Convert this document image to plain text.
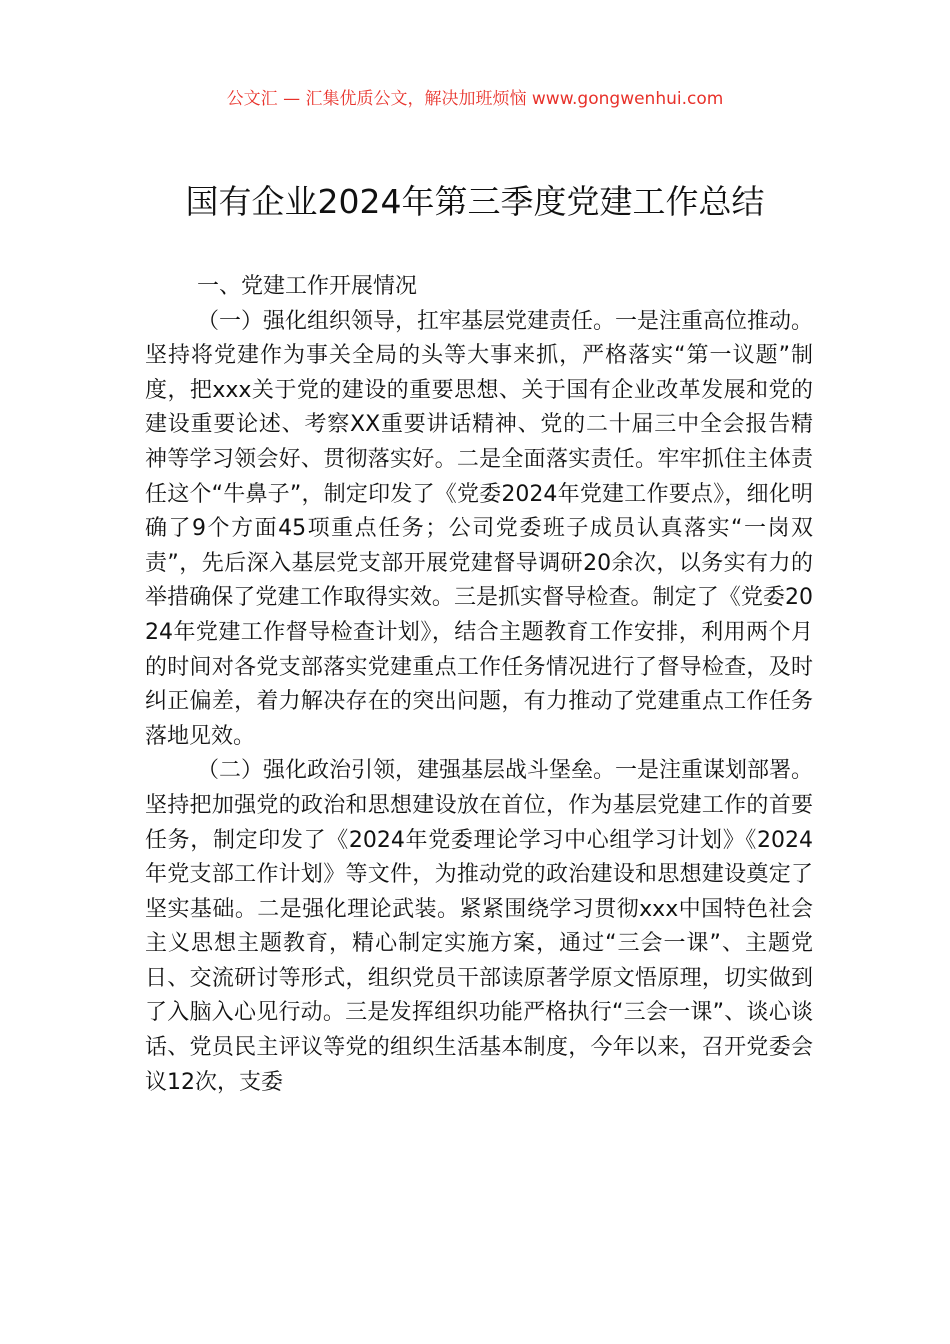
公文汇 — 汇集优质公文，解决加班烦恼 www.gongwenhui.com
国有企业2024年第三季度党建工作总结

一、党建工作开展情况

（一）强化组织领导，扛牢基层党建责任。一是注重高位推动。坚持将党建作为事关全局的头等大事来抓，严格落实“第一议题”制度，把xxx关于党的建设的重要思想、关于国有企业改革发展和党的建设重要论述、考察XX重要讲话精神、党的二十届三中全会报告精神等学习领会好、贯彻落实好。二是全面落实责任。牢牢抓住主体责任这个“牛鼻子”，制定印发了《党委2024年党建工作要点》，细化明确了9个方面45项重点任务；公司党委班子成员认真落实“一岗双责”，先后深入基层党支部开展党建督导调研20余次，以务实有力的举措确保了党建工作取得实效。三是抓实督导检查。制定了《党委2024年党建工作督导检查计划》，结合主题教育工作安排，利用两个月的时间对各党支部落实党建重点工作任务情况进行了督导检查，及时纠正偏差，着力解决存在的突出问题，有力推动了党建重点工作任务落地见效。

（二）强化政治引领，建强基层战斗堡垒。一是注重谋划部署。坚持把加强党的政治和思想建设放在首位，作为基层党建工作的首要任务，制定印发了《2024年党委理论学习中心组学习计划》《2024年党支部工作计划》等文件，为推动党的政治建设和思想建设奠定了坚实基础。二是强化理论武装。紧紧围绕学习贯彻xxx中国特色社会主义思想主题教育，精心制定实施方案，通过“三会一课”、主题党日、交流研讨等形式，组织党员干部读原著学原文悟原理，切实做到了入脑入心见行动。三是发挥组织功能严格执行“三会一课”、谈心谈话、党员民主评议等党的组织生活基本制度，今年以来，召开党委会议12次，支委
